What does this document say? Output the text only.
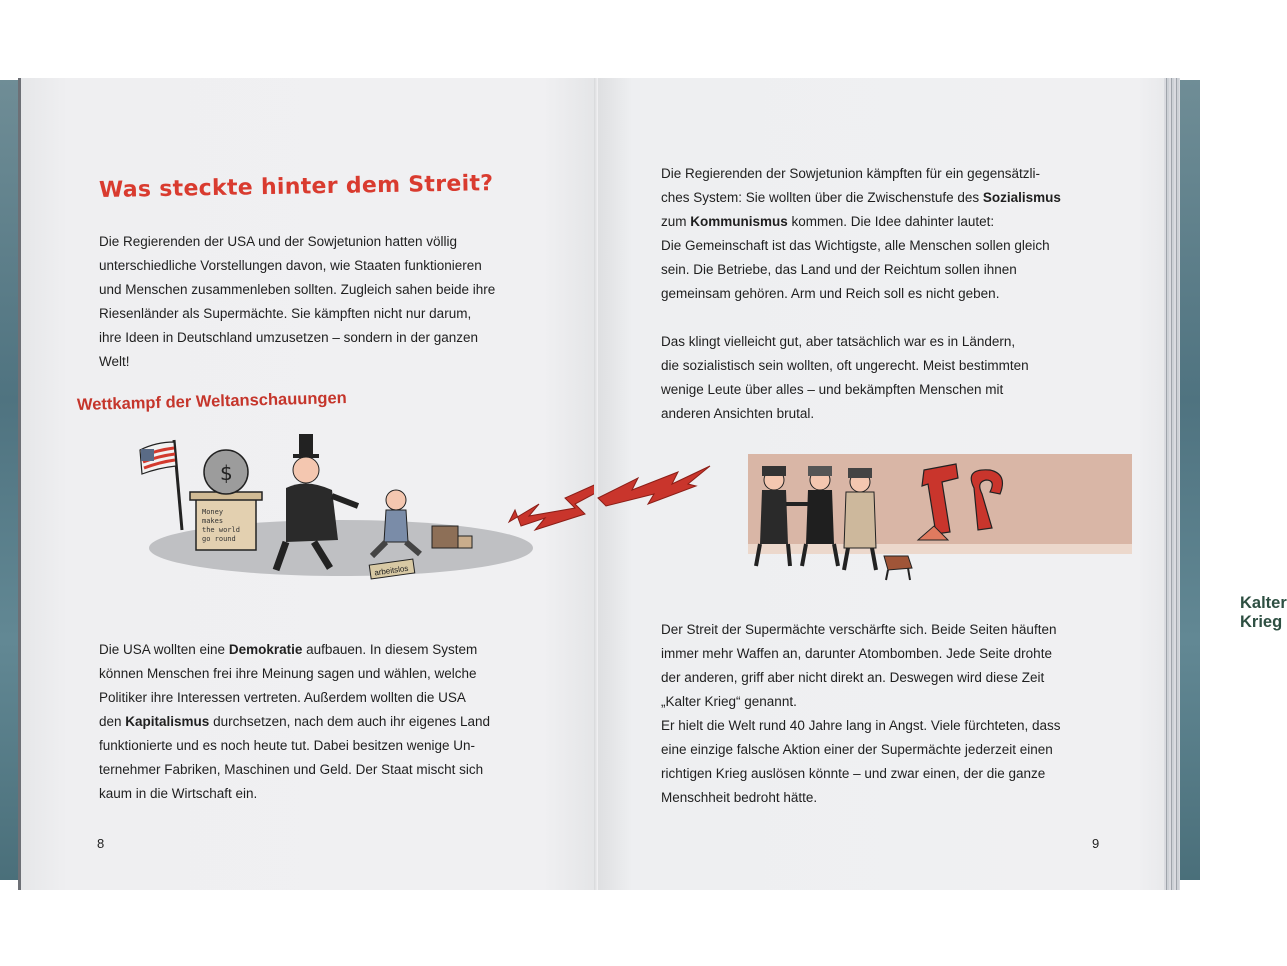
Was steckte hinter dem Streit?
Die Regierenden der USA und der Sowjetunion hatten völlig
unterschiedliche Vorstellungen davon, wie Staaten funktionieren
und Menschen zusammenleben sollten. Zugleich sahen beide ihre
Riesenländer als Supermächte. Sie kämpften nicht nur darum,
ihre Ideen in Deutschland umzusetzen – sondern in der ganzen
Welt!
Wettkampf der Weltanschauungen
$
Money
makes
the world
go round
arbeitslos
Die USA wollten eine Demokratie aufbauen. In diesem System
können Menschen frei ihre Meinung sagen und wählen, welche
Politiker ihre Interessen vertreten. Außerdem wollten die USA
den Kapitalismus durchsetzen, nach dem auch ihr eigenes Land
funktionierte und es noch heute tut. Dabei besitzen wenige Un-
ternehmer Fabriken, Maschinen und Geld. Der Staat mischt sich
kaum in die Wirtschaft ein.
8
Die Regierenden der Sowjetunion kämpften für ein gegensätzli-
ches System: Sie wollten über die Zwischenstufe des Sozialismus
zum Kommunismus kommen. Die Idee dahinter lautet:
Die Gemeinschaft ist das Wichtigste, alle Menschen sollen gleich
sein. Die Betriebe, das Land und der Reichtum sollen ihnen
gemeinsam gehören. Arm und Reich soll es nicht geben.
Das klingt vielleicht gut, aber tatsächlich war es in Ländern,
die sozialistisch sein wollten, oft ungerecht. Meist bestimmten
wenige Leute über alles – und bekämpften Menschen mit
anderen Ansichten brutal.
Kalter Krieg
Der Streit der Supermächte verschärfte sich. Beide Seiten häuften
immer mehr Waffen an, darunter Atombomben. Jede Seite drohte
der anderen, griff aber nicht direkt an. Deswegen wird diese Zeit
„Kalter Krieg“ genannt.
Er hielt die Welt rund 40 Jahre lang in Angst. Viele fürchteten, dass
eine einzige falsche Aktion einer der Supermächte jederzeit einen
richtigen Krieg auslösen könnte – und zwar einen, der die ganze
Menschheit bedroht hätte.
9
